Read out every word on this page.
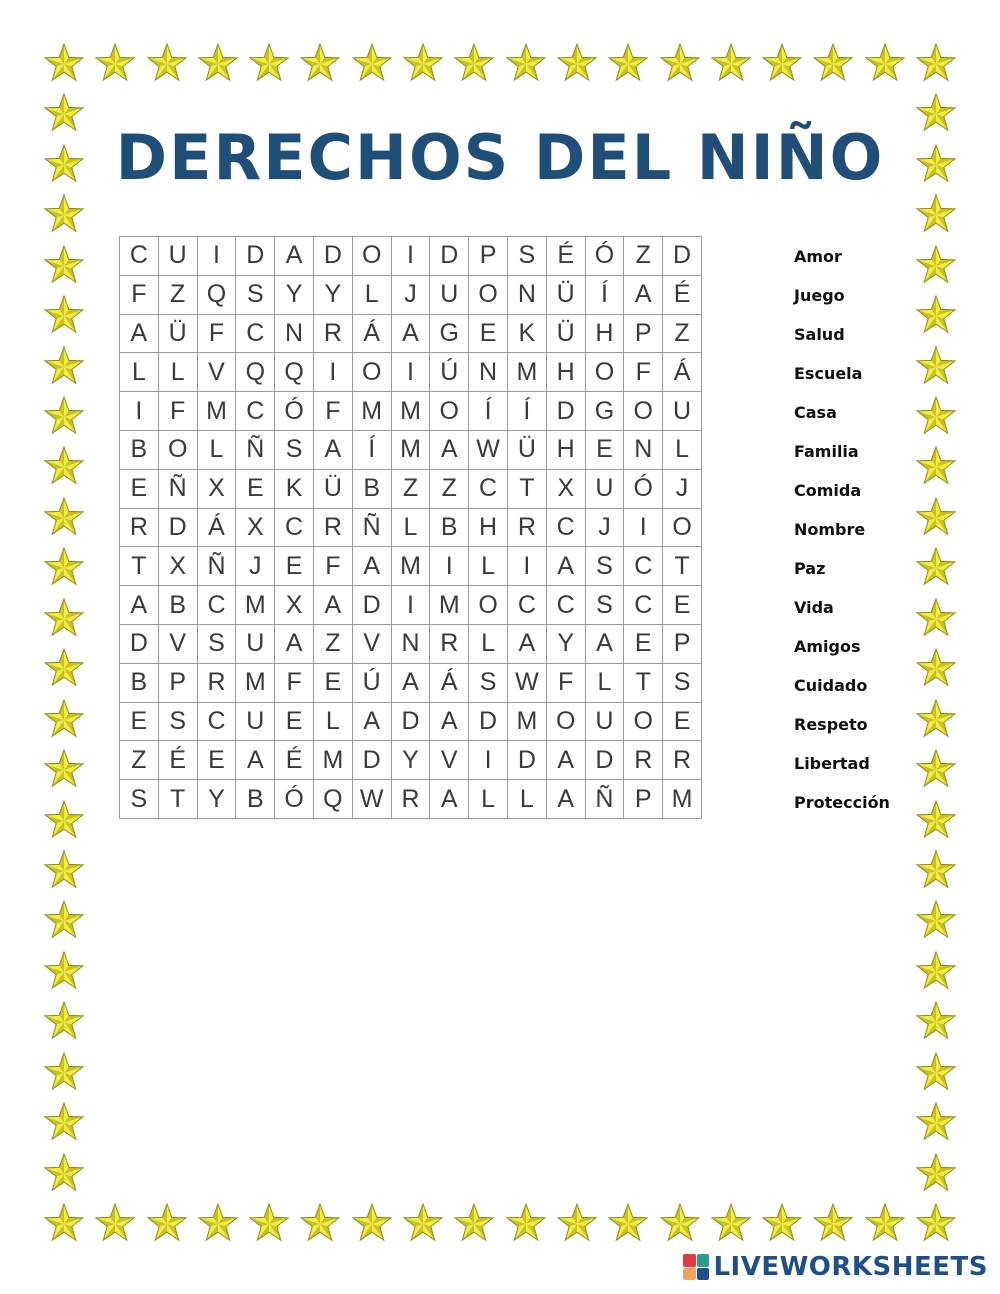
DERECHOS DEL NIÑO
C	U	I	D	A	D	O	I	D	P	S	É	Ó	Z	D
F	Z	Q	S	Y	Y	L	J	U	O	N	Ü	Í	A	É
A	Ü	F	C	N	R	Á	A	G	E	K	Ü	H	P	Z
L	L	V	Q	Q	I	O	I	Ú	N	M	H	O	F	Á
I	F	M	C	Ó	F	M	M	O	Í	Í	D	G	O	U
B	O	L	Ñ	S	A	Í	M	A	W	Ü	H	E	N	L
E	Ñ	X	E	K	Ü	B	Z	Z	C	T	X	U	Ó	J
R	D	Á	X	C	R	Ñ	L	B	H	R	C	J	I	O
T	X	Ñ	J	E	F	A	M	I	L	I	A	S	C	T
A	B	C	M	X	A	D	I	M	O	C	C	S	C	E
D	V	S	U	A	Z	V	N	R	L	A	Y	A	E	P
B	P	R	M	F	E	Ú	A	Á	S	W	F	L	T	S
E	S	C	U	E	L	A	D	A	D	M	O	U	O	E
Z	É	E	A	É	M	D	Y	V	I	D	A	D	R	R
S	T	Y	B	Ó	Q	W	R	A	L	L	A	Ñ	P	M
Amor
Juego
Salud
Escuela
Casa
Familia
Comida
Nombre
Paz
Vida
Amigos
Cuidado
Respeto
Libertad
Protección
LIVEWORKSHEETS
